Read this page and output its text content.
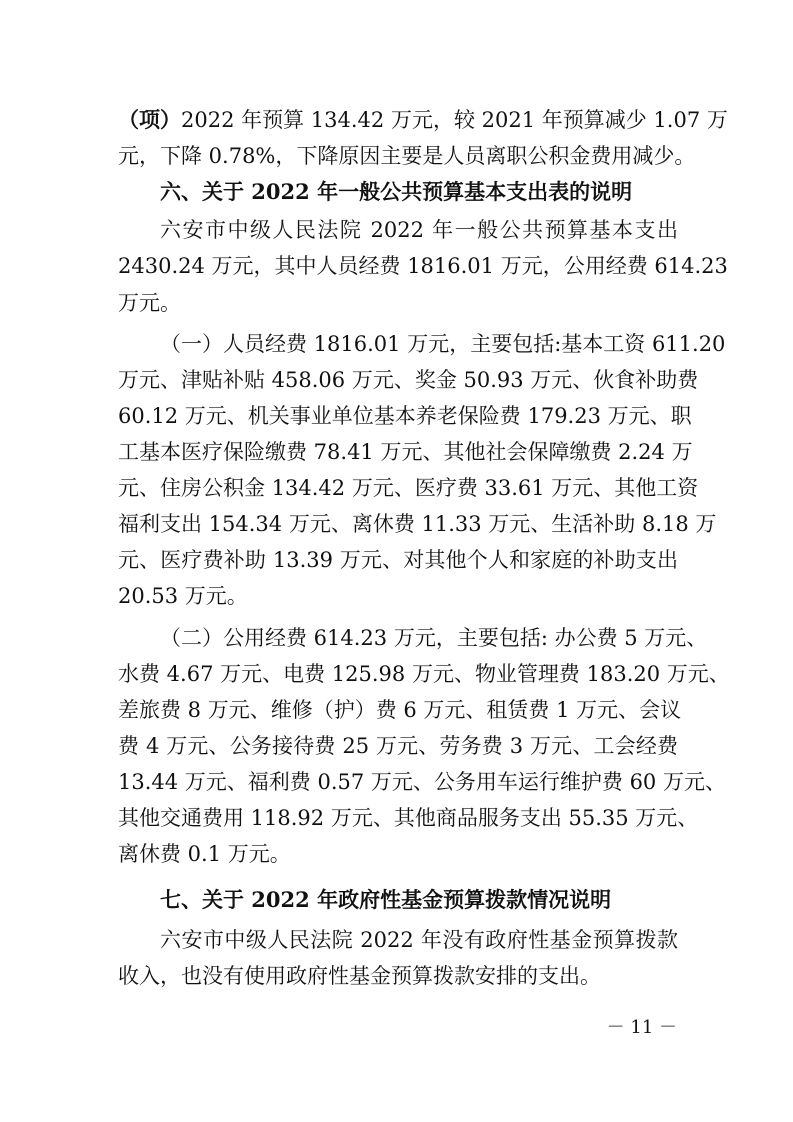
（项）2022 年预算 134.42 万元，较 2021 年预算减少 1.07 万
元，下降 0.78%，下降原因主要是人员离职公积金费用减少。
六、关于 2022 年一般公共预算基本支出表的说明
六安市中级人民法院 2022 年一般公共预算基本支出
2430.24 万元，其中人员经费 1816.01 万元，公用经费 614.23
万元。
（一）人员经费 1816.01 万元，主要包括:基本工资 611.20
万元、津贴补贴 458.06 万元、奖金 50.93 万元、伙食补助费
60.12 万元、机关事业单位基本养老保险费 179.23 万元、职
工基本医疗保险缴费 78.41 万元、其他社会保障缴费 2.24 万
元、住房公积金 134.42 万元、医疗费 33.61 万元、其他工资
福利支出 154.34 万元、离休费 11.33 万元、生活补助 8.18 万
元、医疗费补助 13.39 万元、对其他个人和家庭的补助支出
20.53 万元。
（二）公用经费 614.23 万元，主要包括: 办公费 5 万元、
水费 4.67 万元、电费 125.98 万元、物业管理费 183.20 万元、
差旅费 8 万元、维修（护）费 6 万元、租赁费 1 万元、会议
费 4 万元、公务接待费 25 万元、劳务费 3 万元、工会经费
13.44 万元、福利费 0.57 万元、公务用车运行维护费 60 万元、
其他交通费用 118.92 万元、其他商品服务支出 55.35 万元、
离休费 0.1 万元。
七、关于 2022 年政府性基金预算拨款情况说明
六安市中级人民法院 2022 年没有政府性基金预算拨款
收入，也没有使用政府性基金预算拨款安排的支出。
－ 11 －
